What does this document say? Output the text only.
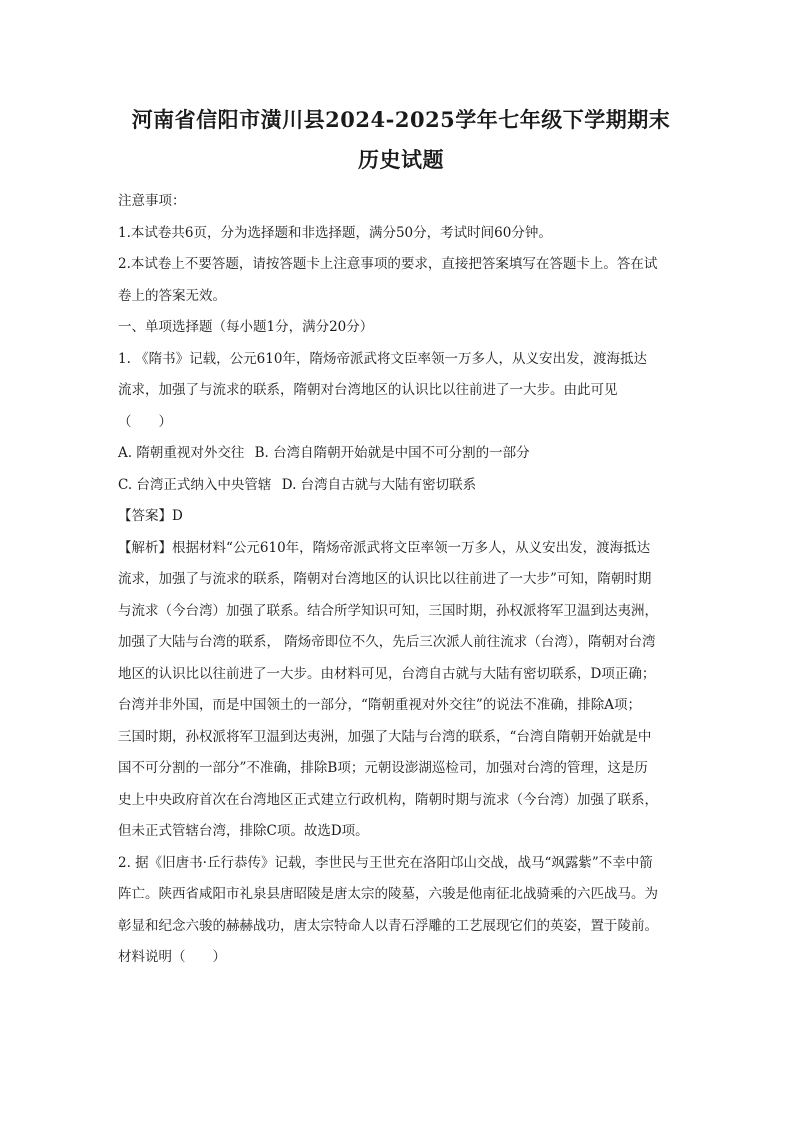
河南省信阳市潢川县2024-2025学年七年级下学期期末
历史试题

注意事项：

1.本试卷共6页，分为选择题和非选择题，满分50分，考试时间60分钟。

2.本试卷上不要答题，请按答题卡上注意事项的要求，直接把答案填写在答题卡上。答在试

卷上的答案无效。

一、单项选择题（每小题1分，满分20分）

1. 《隋书》记载，公元610年，隋炀帝派武将文臣率领一万多人，从义安出发，渡海抵达

流求，加强了与流求的联系，隋朝对台湾地区的认识比以往前进了一大步。由此可见

（　　）

A. 隋朝重视对外交往 B. 台湾自隋朝开始就是中国不可分割的一部分

C. 台湾正式纳入中央管辖 D. 台湾自古就与大陆有密切联系

【答案】D

【解析】根据材料“公元610年，隋炀帝派武将文臣率领一万多人，从义安出发，渡海抵达

流求，加强了与流求的联系，隋朝对台湾地区的认识比以往前进了一大步”可知，隋朝时期

与流求（今台湾）加强了联系。结合所学知识可知，三国时期，孙权派将军卫温到达夷洲，

加强了大陆与台湾的联系， 隋炀帝即位不久，先后三次派人前往流求（台湾），隋朝对台湾

地区的认识比以往前进了一大步。由材料可见，台湾自古就与大陆有密切联系，D项正确；

台湾并非外国，而是中国领土的一部分，“隋朝重视对外交往”的说法不准确，排除A项；

三国时期，孙权派将军卫温到达夷洲，加强了大陆与台湾的联系，“台湾自隋朝开始就是中

国不可分割的一部分”不准确，排除B项；元朝设澎湖巡检司，加强对台湾的管理，这是历

史上中央政府首次在台湾地区正式建立行政机构，隋朝时期与流求（今台湾）加强了联系，

但未正式管辖台湾，排除C项。故选D项。

2. 据《旧唐书·丘行恭传》记载，李世民与王世充在洛阳邙山交战，战马“飒露紫”不幸中箭

阵亡。陕西省咸阳市礼泉县唐昭陵是唐太宗的陵墓，六骏是他南征北战骑乘的六匹战马。为

彰显和纪念六骏的赫赫战功，唐太宗特命人以青石浮雕的工艺展现它们的英姿，置于陵前。

材料说明（　　）
